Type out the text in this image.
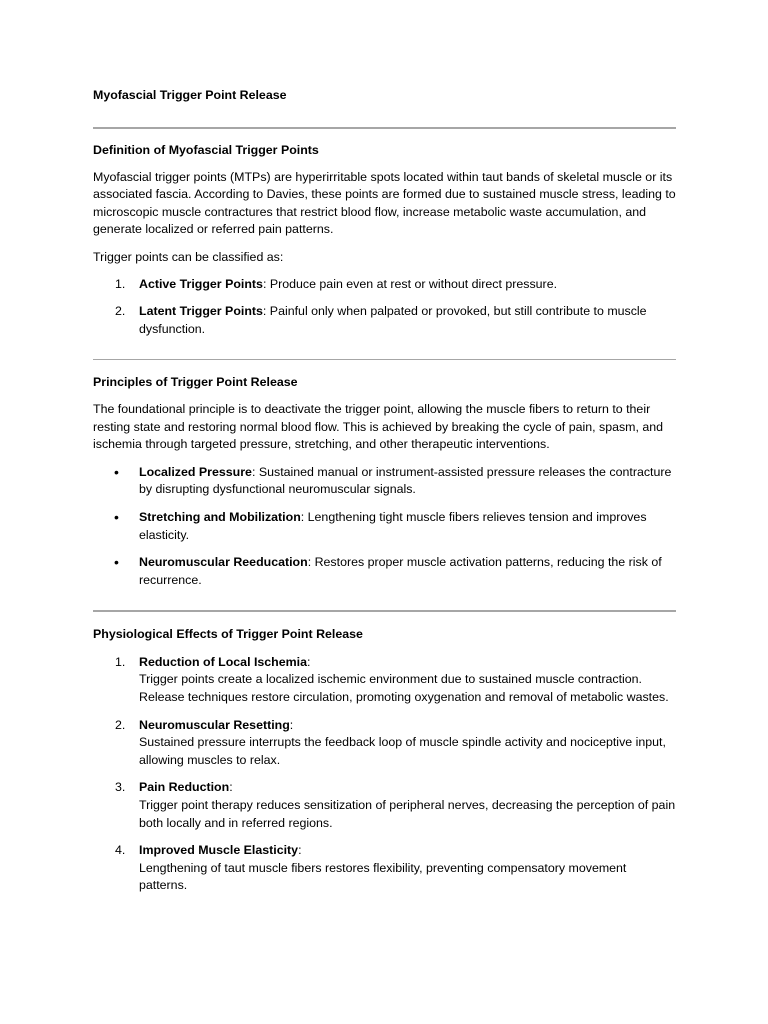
Myofascial Trigger Point Release

Definition of Myofascial Trigger Points

Myofascial trigger points (MTPs) are hyperirritable spots located within taut bands of skeletal muscle or its associated fascia. According to Davies, these points are formed due to sustained muscle stress, leading to microscopic muscle contractures that restrict blood flow, increase metabolic waste accumulation, and generate localized or referred pain patterns.

Trigger points can be classified as:

1. Active Trigger Points: Produce pain even at rest or without direct pressure.
2. Latent Trigger Points: Painful only when palpated or provoked, but still contribute to muscle dysfunction.

Principles of Trigger Point Release

The foundational principle is to deactivate the trigger point, allowing the muscle fibers to return to their resting state and restoring normal blood flow. This is achieved by breaking the cycle of pain, spasm, and ischemia through targeted pressure, stretching, and other therapeutic interventions.

• Localized Pressure: Sustained manual or instrument-assisted pressure releases the contracture by disrupting dysfunctional neuromuscular signals.
• Stretching and Mobilization: Lengthening tight muscle fibers relieves tension and improves elasticity.
• Neuromuscular Reeducation: Restores proper muscle activation patterns, reducing the risk of recurrence.

Physiological Effects of Trigger Point Release

1. Reduction of Local Ischemia:
Trigger points create a localized ischemic environment due to sustained muscle contraction. Release techniques restore circulation, promoting oxygenation and removal of metabolic wastes.
2. Neuromuscular Resetting:
Sustained pressure interrupts the feedback loop of muscle spindle activity and nociceptive input, allowing muscles to relax.
3. Pain Reduction:
Trigger point therapy reduces sensitization of peripheral nerves, decreasing the perception of pain both locally and in referred regions.
4. Improved Muscle Elasticity:
Lengthening of taut muscle fibers restores flexibility, preventing compensatory movement patterns.
